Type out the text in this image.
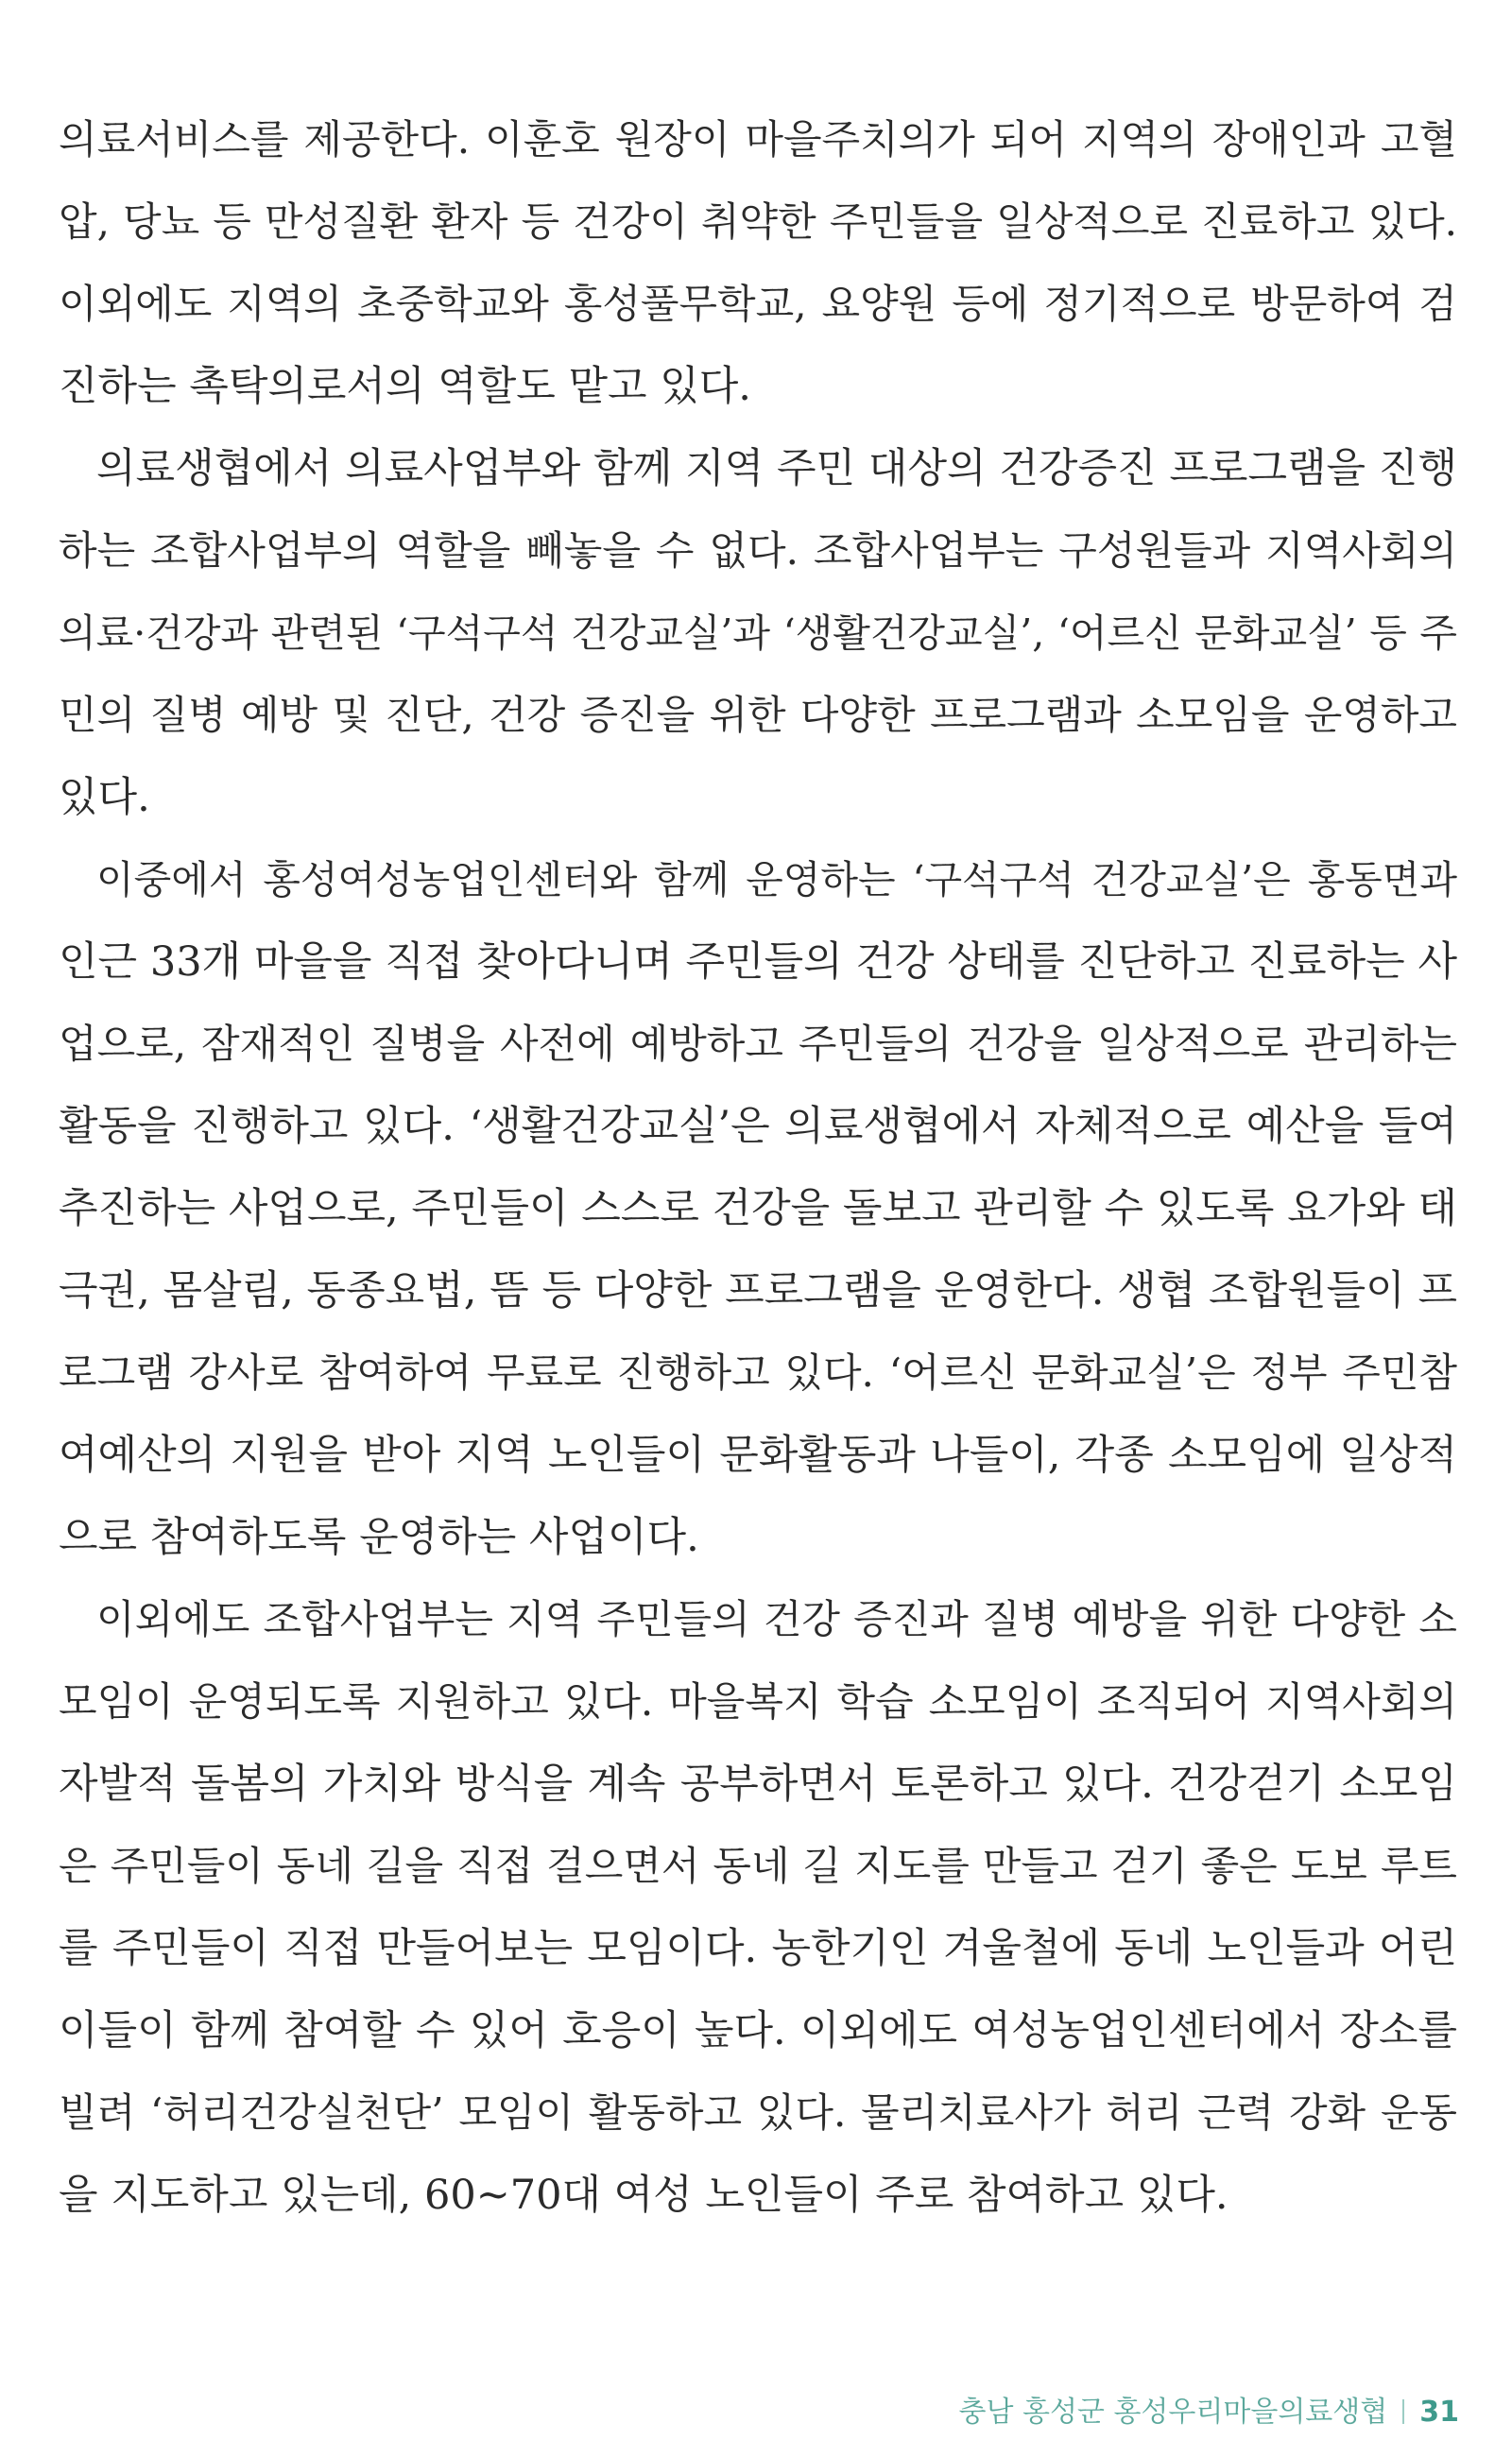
의료서비스를 제공한다. 이훈호 원장이 마을주치의가 되어 지역의 장애인과 고혈
압, 당뇨 등 만성질환 환자 등 건강이 취약한 주민들을 일상적으로 진료하고 있다.
이외에도 지역의 초중학교와 홍성풀무학교, 요양원 등에 정기적으로 방문하여 검
진하는 촉탁의로서의 역할도 맡고 있다.
의료생협에서 의료사업부와 함께 지역 주민 대상의 건강증진 프로그램을 진행
하는 조합사업부의 역할을 빼놓을 수 없다. 조합사업부는 구성원들과 지역사회의
의료·건강과 관련된 ‘구석구석 건강교실’과 ‘생활건강교실’, ‘어르신 문화교실’ 등 주
민의 질병 예방 및 진단, 건강 증진을 위한 다양한 프로그램과 소모임을 운영하고
있다.
이중에서 홍성여성농업인센터와 함께 운영하는 ‘구석구석 건강교실’은 홍동면과
인근 33개 마을을 직접 찾아다니며 주민들의 건강 상태를 진단하고 진료하는 사
업으로, 잠재적인 질병을 사전에 예방하고 주민들의 건강을 일상적으로 관리하는
활동을 진행하고 있다. ‘생활건강교실’은 의료생협에서 자체적으로 예산을 들여
추진하는 사업으로, 주민들이 스스로 건강을 돌보고 관리할 수 있도록 요가와 태
극권, 몸살림, 동종요법, 뜸 등 다양한 프로그램을 운영한다. 생협 조합원들이 프
로그램 강사로 참여하여 무료로 진행하고 있다. ‘어르신 문화교실’은 정부 주민참
여예산의 지원을 받아 지역 노인들이 문화활동과 나들이, 각종 소모임에 일상적
으로 참여하도록 운영하는 사업이다.
이외에도 조합사업부는 지역 주민들의 건강 증진과 질병 예방을 위한 다양한 소
모임이 운영되도록 지원하고 있다. 마을복지 학습 소모임이 조직되어 지역사회의
자발적 돌봄의 가치와 방식을 계속 공부하면서 토론하고 있다. 건강걷기 소모임
은 주민들이 동네 길을 직접 걸으면서 동네 길 지도를 만들고 걷기 좋은 도보 루트
를 주민들이 직접 만들어보는 모임이다. 농한기인 겨울철에 동네 노인들과 어린
이들이 함께 참여할 수 있어 호응이 높다. 이외에도 여성농업인센터에서 장소를
빌려 ‘허리건강실천단’ 모임이 활동하고 있다. 물리치료사가 허리 근력 강화 운동
을 지도하고 있는데, 60~70대 여성 노인들이 주로 참여하고 있다.
충남 홍성군 홍성우리마을의료생협 31
